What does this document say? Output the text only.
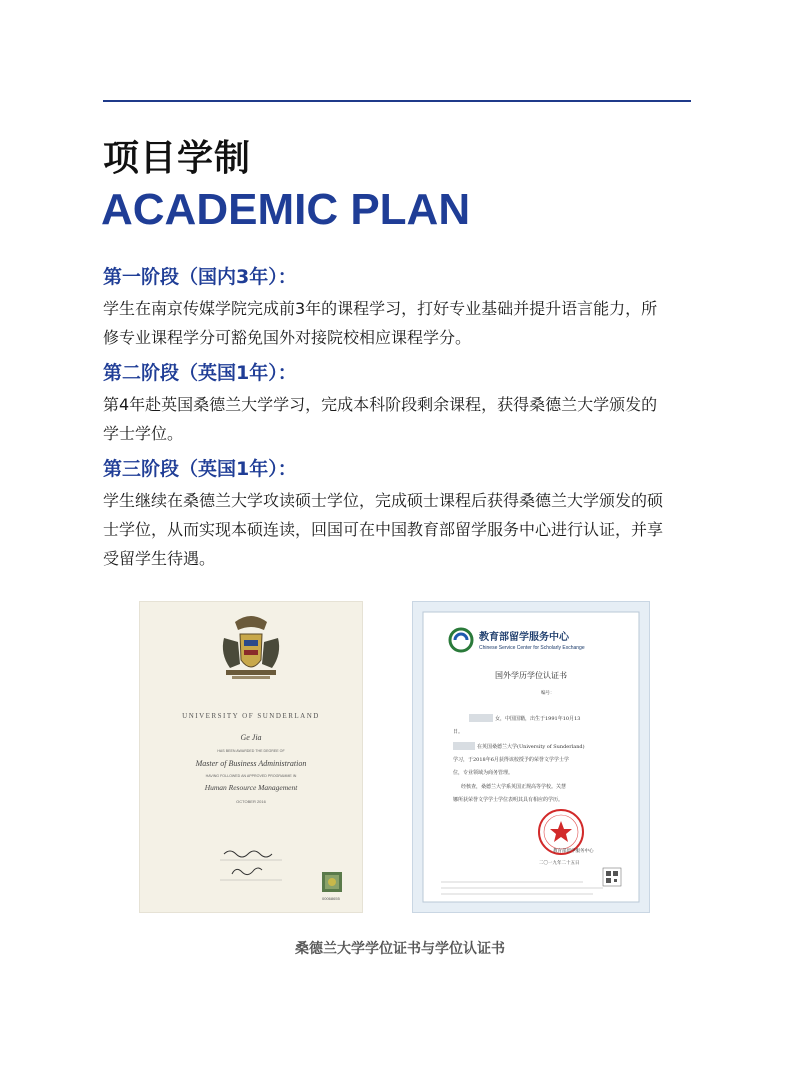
项目学制
ACADEMIC PLAN

第一阶段（国内3年）：

学生在南京传媒学院完成前3年的课程学习，打好专业基础并提升语言能力，所
修专业课程学分可豁免国外对接院校相应课程学分。

第二阶段（英国1年）：

第4年赴英国桑德兰大学学习，完成本科阶段剩余课程，获得桑德兰大学颁发的
学士学位。

第三阶段（英国1年）：

学生继续在桑德兰大学攻读硕士学位，完成硕士课程后获得桑德兰大学颁发的硕
士学位，从而实现本硕连读，回国可在中国教育部留学服务中心进行认证，并享
受留学生待遇。

UNIVERSITY OF SUNDERLAND
Ge Jia
HAS BEEN AWARDED THE DEGREE OF
Master of Business Administration
HAVING FOLLOWED AN APPROVED PROGRAMME IN
Human Resource Management
OCTOBER 2016
00068655
教育部留学服务中心
Chinese Service Center for Scholarly Exchange
国外学历学位认证书
编号：
女，中国国籍，出生于1991年10月13
日。
在英国桑德兰大学(University of Sunderland)
学习，于2018年6月获得该校授予的荣誉文学学士学
位，专业领域为商务管理。
经核查，桑德兰大学系英国正规高等学校。关慧
娜所获荣誉文学学士学位表明其具有相应的学历。
教育部留学服务中心
二〇一九年二十五日
桑德兰大学学位证书与学位认证书
